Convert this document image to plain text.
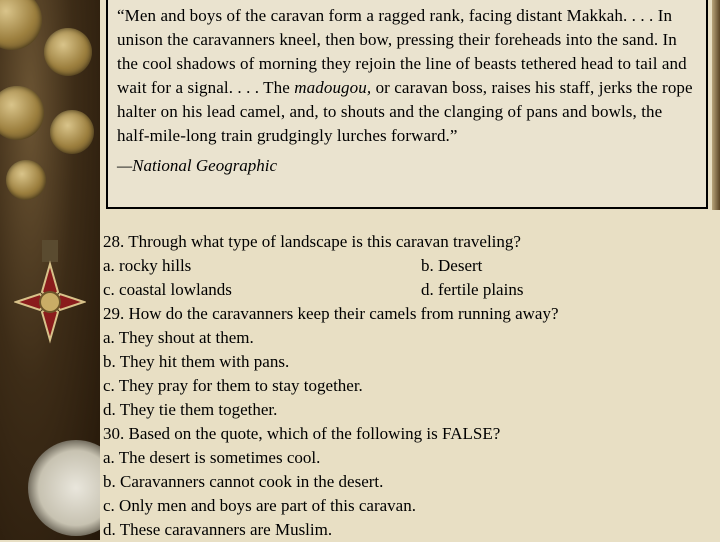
“Men and boys of the caravan form a ragged rank, facing distant Makkah. . . . In unison the caravanners kneel, then bow, pressing their foreheads into the sand. In the cool shadows of morning they rejoin the line of beasts tethered head to tail and wait for a signal. . . . The madougou, or caravan boss, raises his staff, jerks the rope halter on his lead camel, and, to shouts and the clanging of pans and bowls, the half-mile-long train grudgingly lurches forward.”

—National Geographic
28. Through what type of landscape is this caravan traveling?
a. rocky hills	b. Desert
c. coastal lowlands	d. fertile plains
29. How do the caravanners keep their camels from running away?
a. They shout at them.
b. They hit them with pans.
c. They pray for them to stay together.
d. They tie them together.
30. Based on the quote, which of the following is FALSE?
a. The desert is sometimes cool.
b. Caravanners cannot cook in the desert.
c. Only men and boys are part of this caravan.
d. These caravanners are Muslim.
